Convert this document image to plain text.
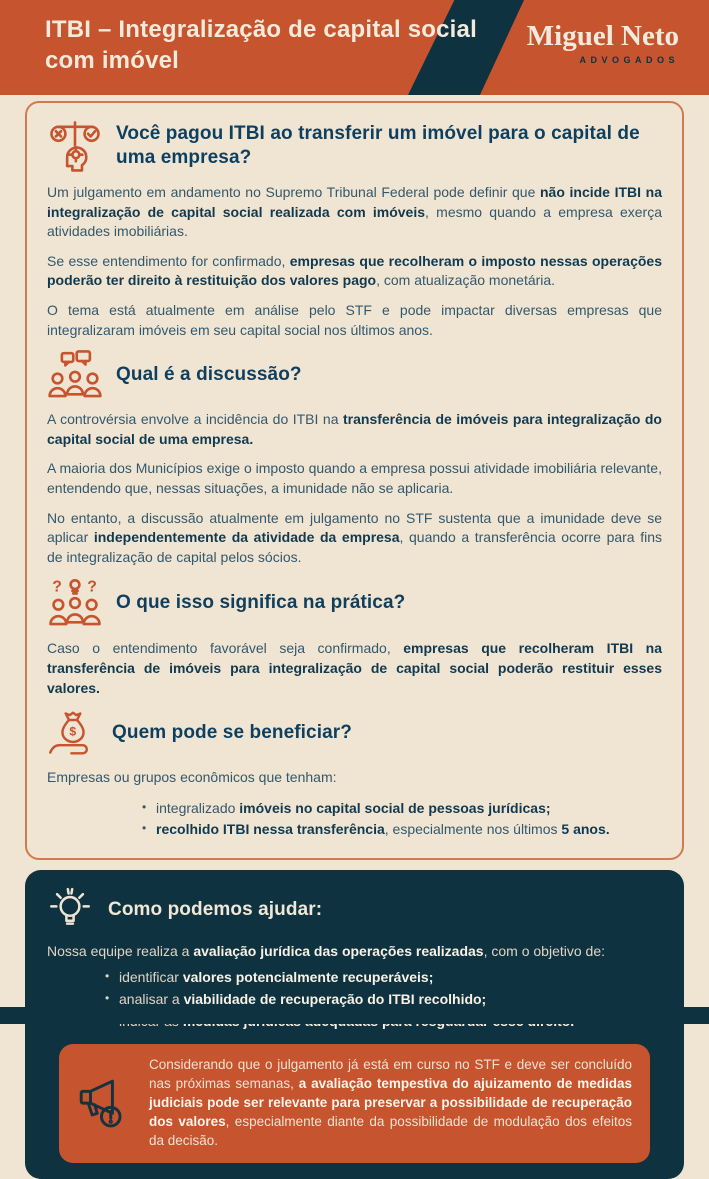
ITBI – Integralização de capital social com imóvel
Miguel Neto
ADVOGADOS
Você pagou ITBI ao transferir um imóvel para o capital de uma empresa?

Um julgamento em andamento no Supremo Tribunal Federal pode definir que não incide ITBI na integralização de capital social realizada com imóveis, mesmo quando a empresa exerça atividades imobiliárias.

Se esse entendimento for confirmado, empresas que recolheram o imposto nessas operações poderão ter direito à restituição dos valores pago, com atualização monetária.

O tema está atualmente em análise pelo STF e pode impactar diversas empresas que integralizaram imóveis em seu capital social nos últimos anos.

Qual é a discussão?

A controvérsia envolve a incidência do ITBI na transferência de imóveis para integralização do capital social de uma empresa.

A maioria dos Municípios exige o imposto quando a empresa possui atividade imobiliária relevante, entendendo que, nessas situações, a imunidade não se aplicaria.

No entanto, a discussão atualmente em julgamento no STF sustenta que a imunidade deve se aplicar independentemente da atividade da empresa, quando a transferência ocorre para fins de integralização de capital pelos sócios.

? ?
O que isso significa na prática?

Caso o entendimento favorável seja confirmado, empresas que recolheram ITBI na transferência de imóveis para integralização de capital social poderão restituir esses valores.

$ Quem pode se beneficiar?

Empresas ou grupos econômicos que tenham:

• integralizado imóveis no capital social de pessoas jurídicas;
• recolhido ITBI nessa transferência, especialmente nos últimos 5 anos.
Como podemos ajudar:

Nossa equipe realiza a avaliação jurídica das operações realizadas, com o objetivo de:

• identificar valores potencialmente recuperáveis;
• analisar a viabilidade de recuperação do ITBI recolhido;
•

Considerando que o julgamento já está em curso no STF e deve ser concluído nas próximas semanas, a avaliação tempestiva do ajuizamento de medidas judiciais pode ser relevante para preservar a possibilidade de recuperação dos valores, especialmente diante da possibilidade de modulação dos efeitos da decisão.
